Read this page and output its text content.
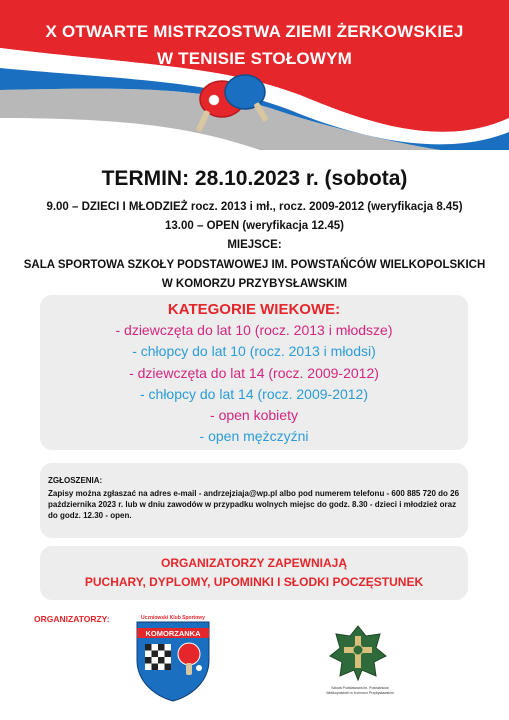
X OTWARTE MISTRZOSTWA ZIEMI ŻERKOWSKIEJ
W TENISIE STOŁOWYM
TERMIN: 28.10.2023 r. (sobota)
9.00 – DZIECI I MŁODZIEŻ rocz. 2013 i mł., rocz. 2009-2012 (weryfikacja 8.45)
13.00 – OPEN (weryfikacja 12.45)
MIEJSCE:
SALA SPORTOWA SZKOŁY PODSTAWOWEJ IM. POWSTAŃCÓW WIELKOPOLSKICH
W KOMORZU PRZYBYSŁAWSKIM
KATEGORIE WIEKOWE:
- dziewczęta do lat 10 (rocz. 2013 i młodsze)
- chłopcy do lat 10 (rocz. 2013 i młodsi)
- dziewczęta do lat 14 (rocz. 2009-2012)
- chłopcy do lat 14 (rocz. 2009-2012)
- open kobiety
- open mężczyźni
ZGŁOSZENIA:
Zapisy można zgłaszać na adres e-mail - andrzejziaja@wp.pl albo pod numerem telefonu - 600 885 720 do 26 października 2023 r. lub w dniu zawodów w przypadku wolnych miejsc do godz. 8.30 - dzieci i młodzież oraz do godz. 12.30 - open.
ORGANIZATORZY ZAPEWNIAJĄ
PUCHARY, DYPLOMY, UPOMINKI I SŁODKI POCZĘSTUNEK
ORGANIZATORZY:	Uczniowski Klub Sportowy
KOMORZANKA
Szkoła Podstawowa im. Powstańców Wielkopolskich w Komorzu Przybysławskim
